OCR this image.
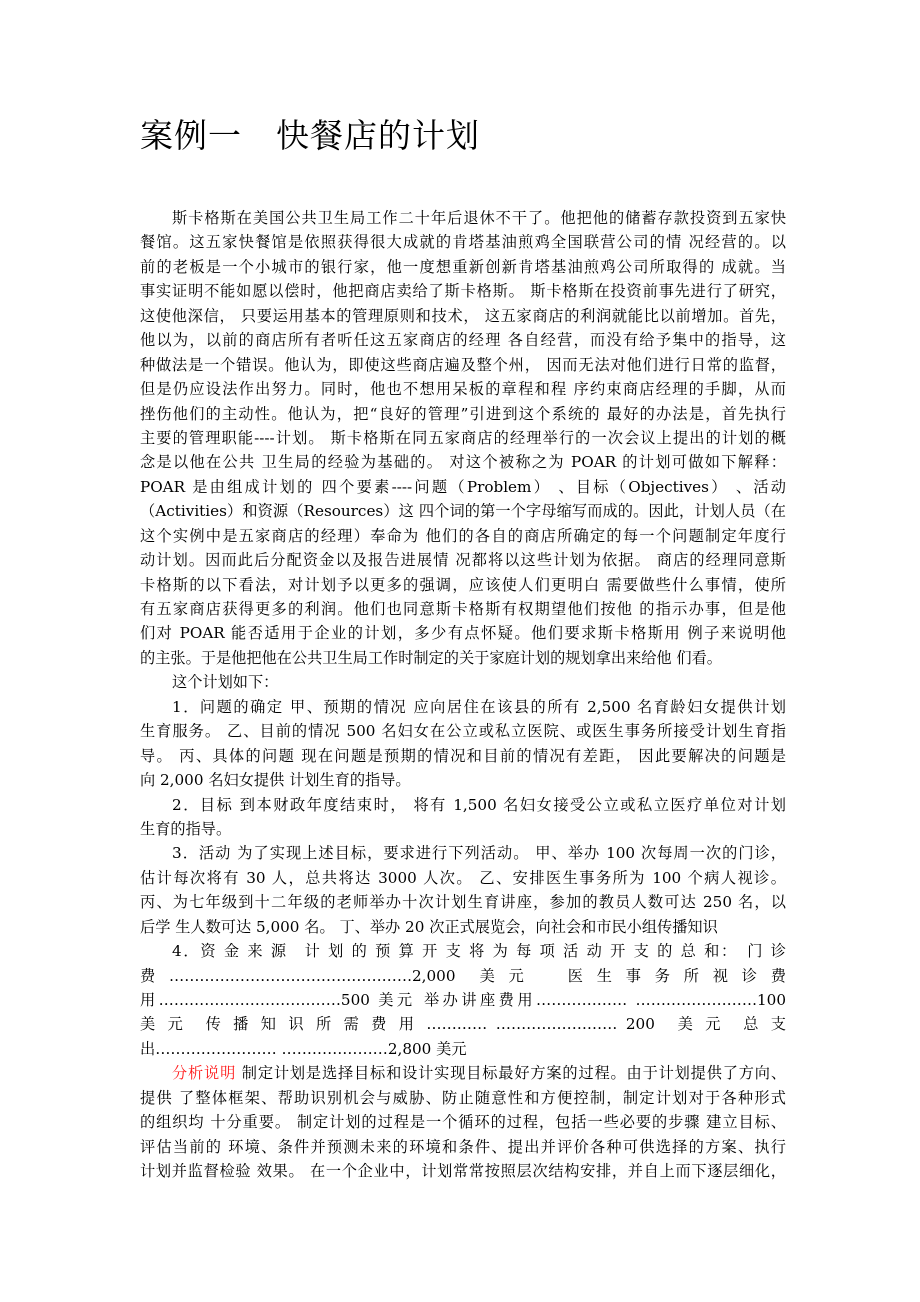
案例一　快餐店的计划
斯卡格斯在美国公共卫生局工作二十年后退休不干了。他把他的储蓄存款投资到五家快
餐馆。这五家快餐馆是依照获得很大成就的肯塔基油煎鸡全国联营公司的情 况经营的。以
前的老板是一个小城市的银行家，他一度想重新创新肯塔基油煎鸡公司所取得的 成就。当
事实证明不能如愿以偿时，他把商店卖给了斯卡格斯。 斯卡格斯在投资前事先进行了研究，
这使他深信， 只要运用基本的管理原则和技术， 这五家商店的利润就能比以前增加。首先，
他以为，以前的商店所有者听任这五家商店的经理 各自经营，而没有给予集中的指导，这
种做法是一个错误。他认为，即使这些商店遍及整个州， 因而无法对他们进行日常的监督，
但是仍应设法作出努力。同时，他也不想用呆板的章程和程 序约束商店经理的手脚，从而
挫伤他们的主动性。他认为，把“良好的管理”引进到这个系统的 最好的办法是，首先执行
主要的管理职能----计划。 斯卡格斯在同五家商店的经理举行的一次会议上提出的计划的概
念是以他在公共 卫生局的经验为基础的。 对这个被称之为 POAR 的计划可做如下解释：
POAR 是由组成计划的 四个要素----问题（Problem） 、目标（Objectives） 、活动
（Activities）和资源（Resources）这 四个词的第一个字母缩写而成的。因此，计划人员（在
这个实例中是五家商店的经理）奉命为 他们的各自的商店所确定的每一个问题制定年度行
动计划。因而此后分配资金以及报告进展情 况都将以这些计划为依据。 商店的经理同意斯
卡格斯的以下看法，对计划予以更多的强调，应该使人们更明白 需要做些什么事情，使所
有五家商店获得更多的利润。他们也同意斯卡格斯有权期望他们按他 的指示办事，但是他
们对 POAR 能否适用于企业的计划，多少有点怀疑。他们要求斯卡格斯用 例子来说明他
的主张。于是他把他在公共卫生局工作时制定的关于家庭计划的规划拿出来给他 们看。
这个计划如下：
1．问题的确定 甲、预期的情况 应向居住在该县的所有 2,500 名育龄妇女提供计划
生育服务。 乙、目前的情况 500 名妇女在公立或私立医院、或医生事务所接受计划生育指
导。 丙、具体的问题 现在问题是预期的情况和目前的情况有差距， 因此要解决的问题是
向 2,000 名妇女提供 计划生育的指导。
2．目标 到本财政年度结束时， 将有 1,500 名妇女接受公立或私立医疗单位对计划
生育的指导。
3．活动 为了实现上述目标，要求进行下列活动。 甲、举办 100 次每周一次的门诊，
估计每次将有 30 人，总共将达 3000 人次。 乙、安排医生事务所为 100 个病人视诊。
丙、为七年级到十二年级的老师举办十次计划生育讲座，参加的教员人数可达 250 名，以
后学 生人数可达 5,000 名。 丁、举办 20 次正式展览会，向社会和市民小组传播知识
4．资 金 来 源　计 划 的 预 算 开 支 将 为 每 项 活 动 开 支 的 总 和：　门 诊
费 …………………………………………2,000　美 元　　医 生 事 务 所 视 诊 费
用………………………………500 美元 举办讲座费用……………… ……………………100
美 元　传 播 知 识 所 需 费 用 ………… …………………… 200　美 元　总 支
出…………………… …………………2,800 美元
分析说明 制定计划是选择目标和设计实现目标最好方案的过程。由于计划提供了方向、
提供 了整体框架、帮助识别机会与威胁、防止随意性和方便控制，制定计划对于各种形式
的组织均 十分重要。 制定计划的过程是一个循环的过程，包括一些必要的步骤 建立目标、
评估当前的 环境、条件并预测未来的环境和条件、提出并评价各种可供选择的方案、执行
计划并监督检验 效果。 在一个企业中，计划常常按照层次结构安排，并自上而下逐层细化，
